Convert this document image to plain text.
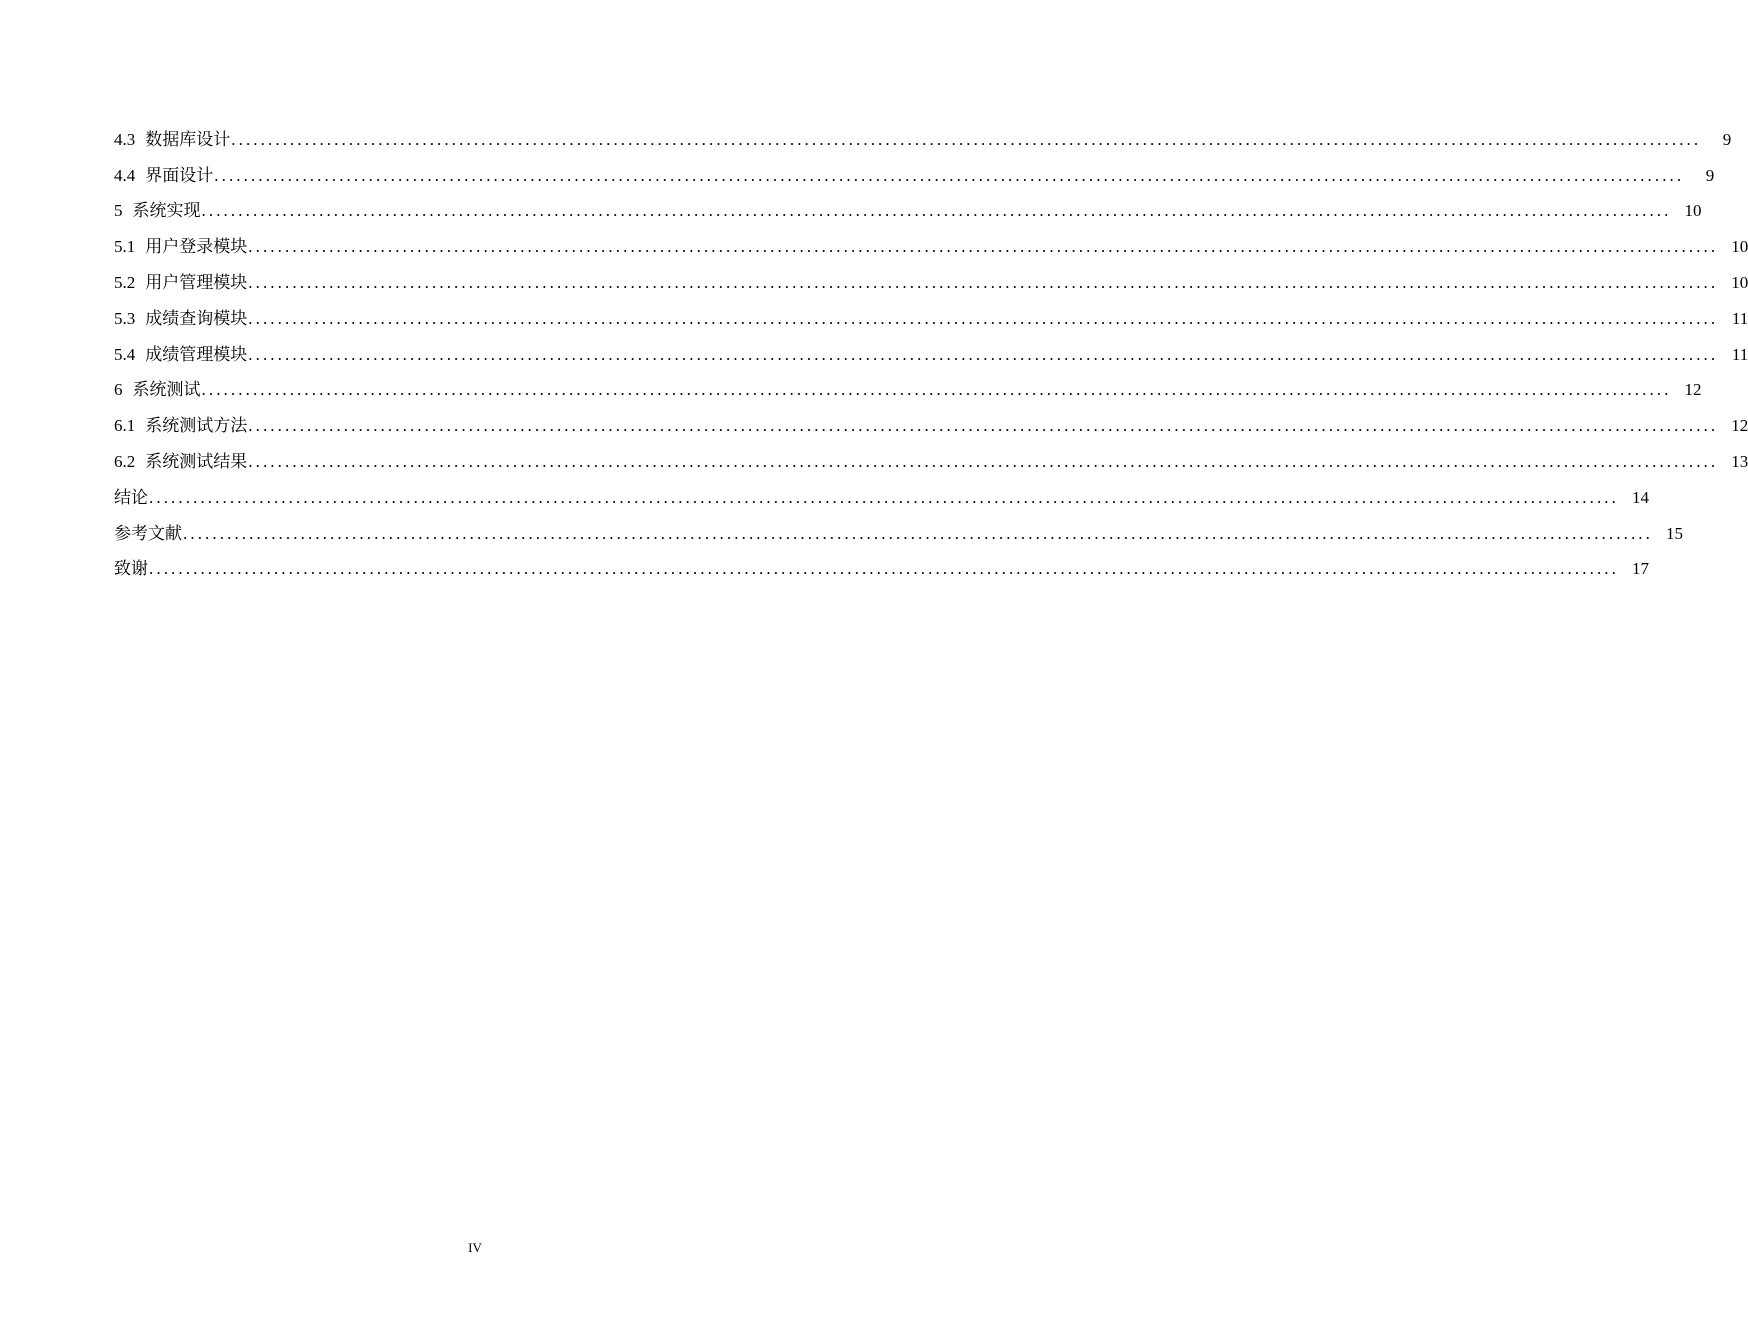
4.3 数据库设计 ........................................................................................................................................................................................................	9
4.4 界面设计 ........................................................................................................................................................................................................	9
5 系统实现 ........................................................................................................................................................................................................ 10
5.1 用户登录模块 ........................................................................................................................................................................................................ 10
5.2 用户管理模块 ........................................................................................................................................................................................................ 10
5.3 成绩查询模块 ........................................................................................................................................................................................................ 11
5.4 成绩管理模块 ........................................................................................................................................................................................................ 11
6 系统测试 ........................................................................................................................................................................................................ 12
6.1 系统测试方法 ........................................................................................................................................................................................................ 12
6.2 系统测试结果 ........................................................................................................................................................................................................ 13
结论 ........................................................................................................................................................................................................ 14
参考文献 ........................................................................................................................................................................................................ 15
致谢 ........................................................................................................................................................................................................ 17
IV
